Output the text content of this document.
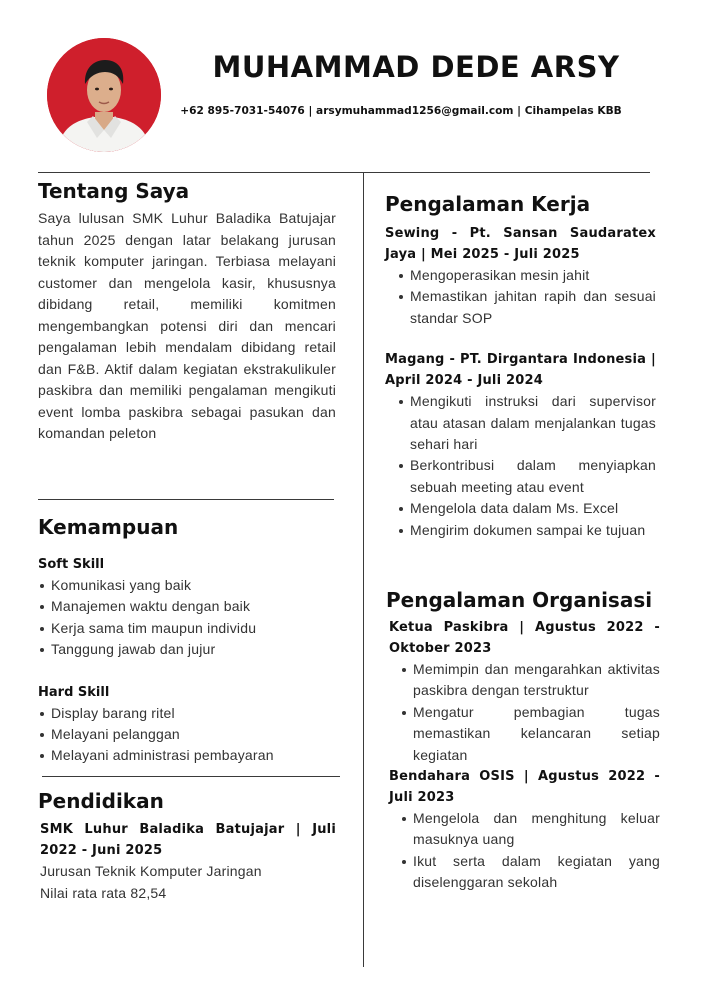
MUHAMMAD DEDE ARSY
+62 895-7031-54076 | arsymuhammad1256@gmail.com | Cihampelas KBB
Tentang Saya

Saya lulusan SMK Luhur Baladika Batujajar tahun 2025 dengan latar belakang jurusan teknik komputer jaringan. Terbiasa melayani customer dan mengelola kasir, khususnya dibidang retail, memiliki komitmen mengembangkan potensi diri dan mencari pengalaman lebih mendalam dibidang retail dan F&B. Aktif dalam kegiatan ekstrakulikuler paskibra dan memiliki pengalaman mengikuti event lomba paskibra sebagai pasukan dan komandan peleton

Kemampuan

Soft Skill

Komunikasi yang baik
Manajemen waktu dengan baik
Kerja sama tim maupun individu
Tanggung jawab dan jujur

Hard Skill

Display barang ritel
Melayani pelanggan
Melayani administrasi pembayaran
Pendidikan

SMK Luhur Baladika Batujajar | Juli 2022 - Juni 2025

Jurusan Teknik Komputer Jaringan

Nilai rata rata 82,54

Pengalaman Kerja

Sewing - Pt. Sansan Saudaratex Jaya | Mei 2025 - Juli 2025

Mengoperasikan mesin jahit
Memastikan jahitan rapih dan sesuai standar SOP

Magang - PT. Dirgantara Indonesia | April 2024 - Juli 2024

Mengikuti instruksi dari supervisor atau atasan dalam menjalankan tugas sehari hari
Berkontribusi dalam menyiapkan sebuah meeting atau event
Mengelola data dalam Ms. Excel
Mengirim dokumen sampai ke tujuan
Pengalaman Organisasi

Ketua Paskibra | Agustus 2022 - Oktober 2023

Memimpin dan mengarahkan aktivitas paskibra dengan terstruktur
Mengatur pembagian tugas memastikan kelancaran setiap kegiatan

Bendahara OSIS | Agustus 2022 - Juli 2023

Mengelola dan menghitung keluar masuknya uang
Ikut serta dalam kegiatan yang diselenggaran sekolah
